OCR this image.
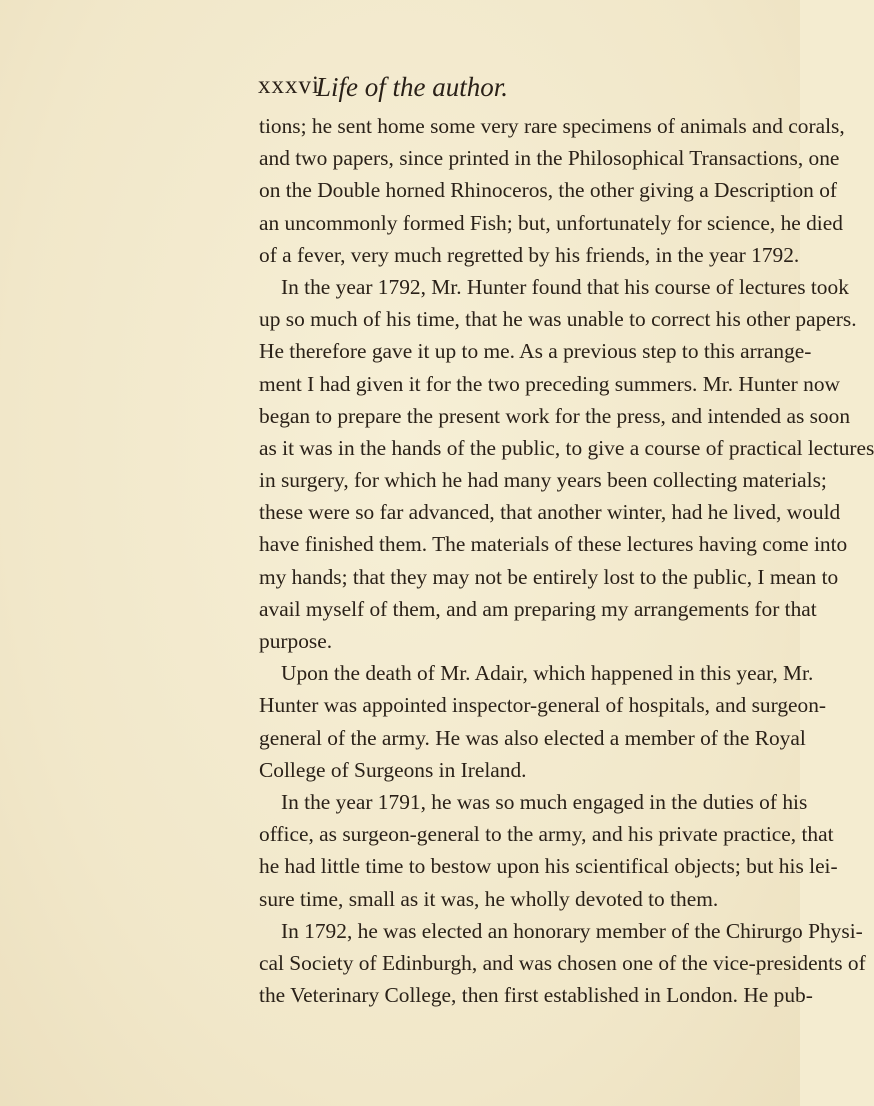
xxxvi
Life of the author.
tions; he sent home some very rare specimens of animals and corals,
and two papers, since printed in the Philosophical Transactions, one
on the Double horned Rhinoceros, the other giving a Description of
an uncommonly formed Fish; but, unfortunately for science, he died
of a fever, very much regretted by his friends, in the year 1792.
In the year 1792, Mr. Hunter found that his course of lectures took
up so much of his time, that he was unable to correct his other papers.
He therefore gave it up to me. As a previous step to this arrange-
ment I had given it for the two preceding summers. Mr. Hunter now
began to prepare the present work for the press, and intended as soon
as it was in the hands of the public, to give a course of practical lectures
in surgery, for which he had many years been collecting materials;
these were so far advanced, that another winter, had he lived, would
have finished them. The materials of these lectures having come into
my hands; that they may not be entirely lost to the public, I mean to
avail myself of them, and am preparing my arrangements for that
purpose.
Upon the death of Mr. Adair, which happened in this year, Mr.
Hunter was appointed inspector-general of hospitals, and surgeon-
general of the army. He was also elected a member of the Royal
College of Surgeons in Ireland.
In the year 1791, he was so much engaged in the duties of his
office, as surgeon-general to the army, and his private practice, that
he had little time to bestow upon his scientifical objects; but his lei-
sure time, small as it was, he wholly devoted to them.
In 1792, he was elected an honorary member of the Chirurgo Physi-
cal Society of Edinburgh, and was chosen one of the vice-presidents of
the Veterinary College, then first established in London. He pub-
